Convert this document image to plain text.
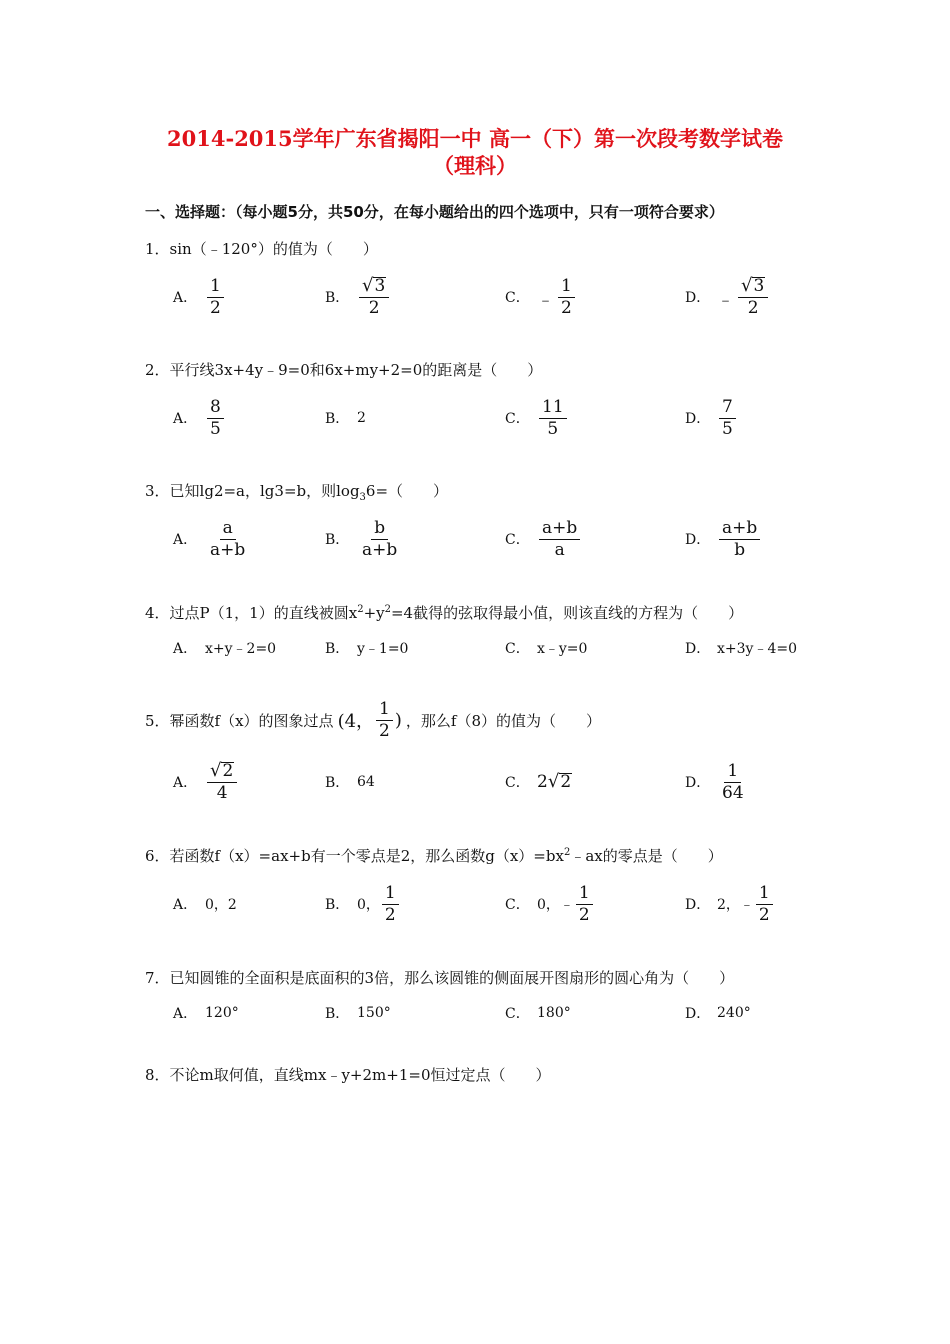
2014-2015学年广东省揭阳一中 高一（下）第一次段考数学试卷
（理科）
一、选择题：（每小题5分，共50分，在每小题给出的四个选项中，只有一项符合要求）
1． sin（﹣120°）的值为（　　）
A． $\frac{1}{2}$	B． $\frac{√ 3}{2}$	C． ﹣ $\frac{1}{2}$	D． ﹣ $\frac{√ 3}{2}$
2． 平行线3x+4y﹣9=0和6x+my+2=0的距离是（　　）
A． $\frac{8}{5}$	B． 2	C． $\frac{11}{5}$	D． $\frac{7}{5}$
3． 已知lg2=a，lg3=b，则$\log_36=$（　　）
A． $\frac{a}{a+b}$	B． $\frac{b}{a+b}$	C． $\frac{a+b}{a}$	D． $\frac{a+b}{b}$
4． 过点P（1，1）的直线被圆$x^2+y^2=4$截得的弦取得最小值，则该直线的方程为（　　）
A． x+y﹣2=0	B． y﹣1=0	C． x﹣y=0	D． x+3y﹣4=0
5． 幂函数f（x）的图象过点 (4， $\frac{1}{2}$ ) ，那么f（8）的值为（　　）
A． $\frac{√ 2}{4}$	B． 64	C． 2 √ 2	D． $\frac{1}{64}$
6． 若函数f（x）=ax+b有一个零点是2，那么函数$g(x)=bx^2﹣ax$的零点是（　　）
A． 0，2	B． 0， $\frac{1}{2}$	C． 0，﹣ $\frac{1}{2}$	D． 2，﹣ $\frac{1}{2}$
7． 已知圆锥的全面积是底面积的3倍，那么该圆锥的侧面展开图扇形的圆心角为（　　）
A． 120°	B． 150°	C． 180°	D． 240°
8． 不论m取何值，直线mx﹣y+2m+1=0恒过定点（　　）
